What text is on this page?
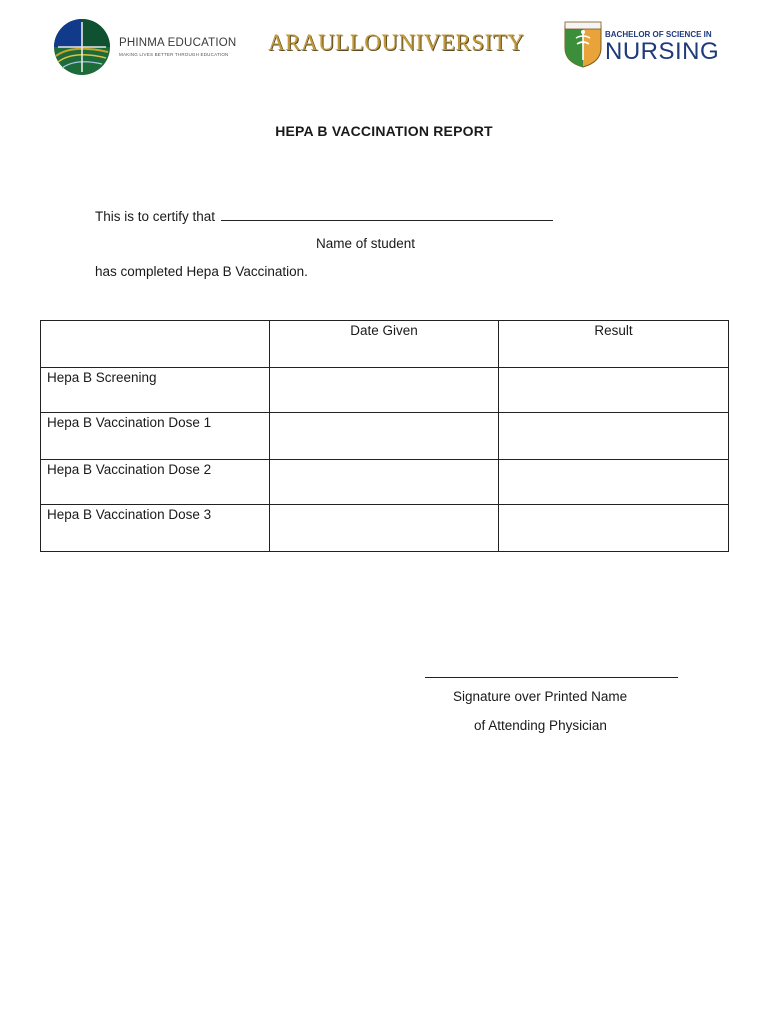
PHINMA EDUCATION
MAKING LIVES BETTER THROUGH EDUCATION ARAULLOUNIVERSITY	BACHELOR OF SCIENCE IN
NURSING
HEPA B VACCINATION REPORT
This is to certify that
Name of student
has completed Hepa B Vaccination.
	Date Given	Result
Hepa B Screening		
Hepa B Vaccination Dose 1		
Hepa B Vaccination Dose 2		
Hepa B Vaccination Dose 3		
Signature over Printed Name
of Attending Physician
